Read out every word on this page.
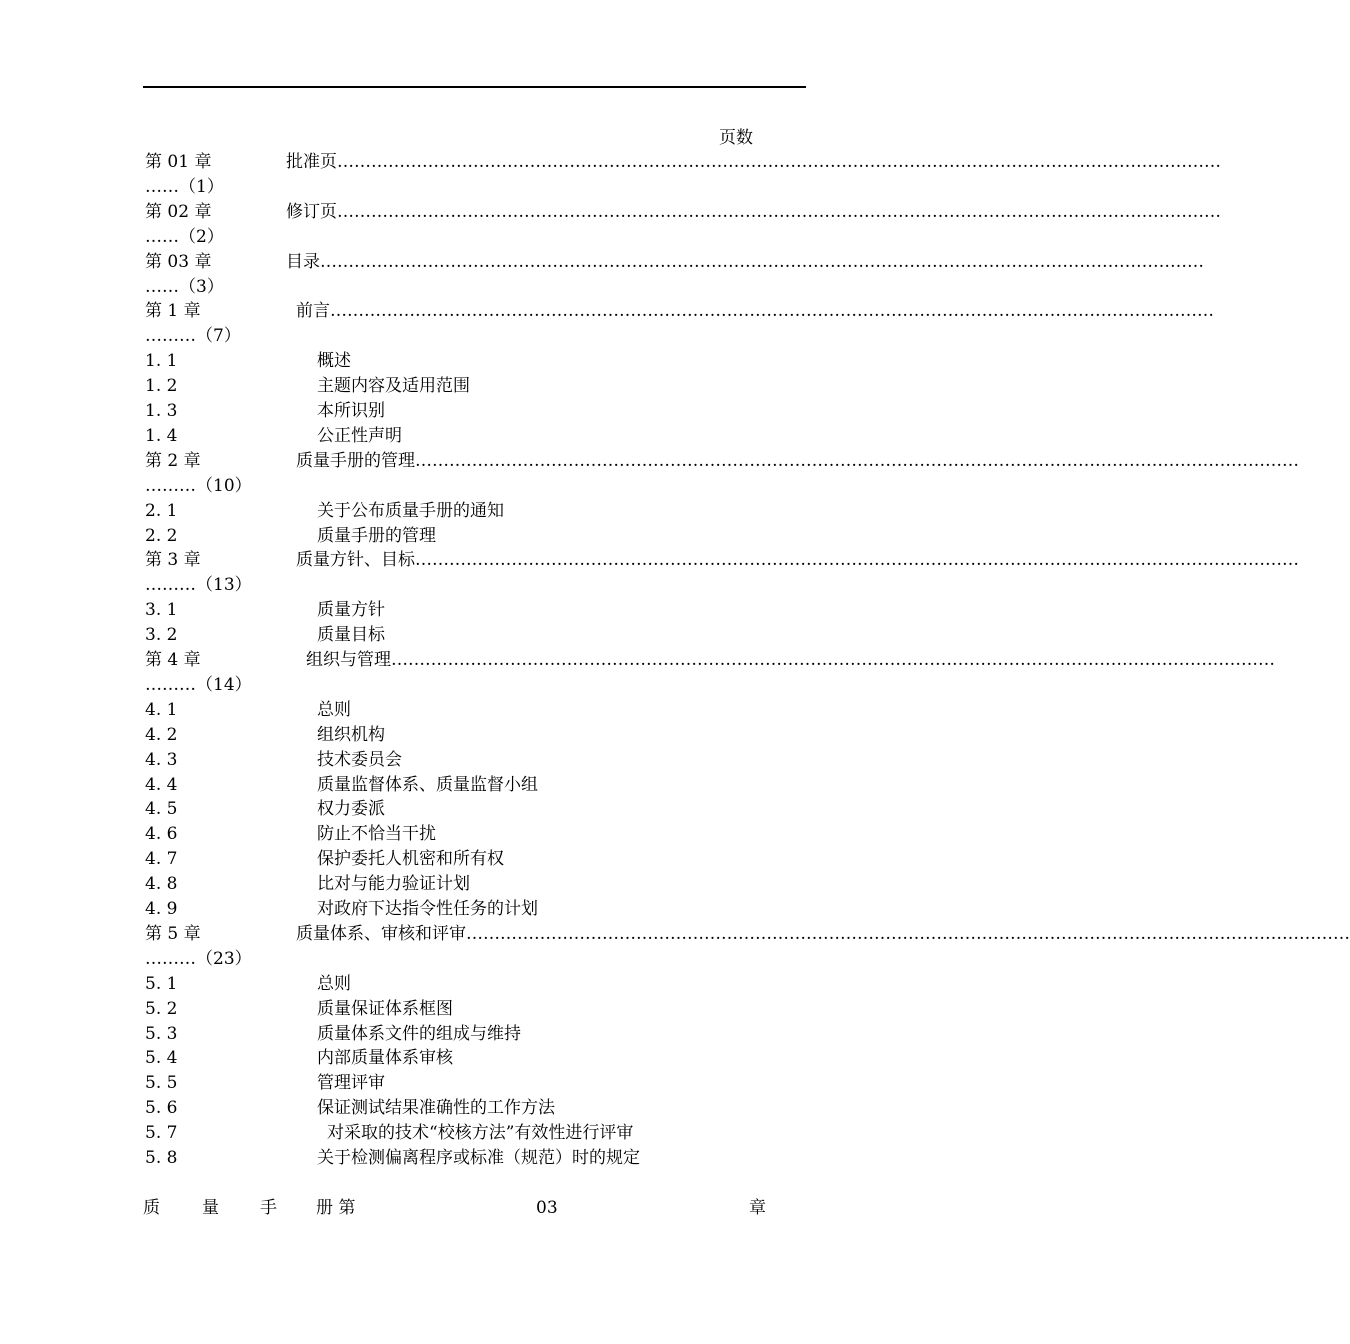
页数
第 01 章	批准页 …………………………………………………………………………………………………………………………………………
……（1）
第 02 章	修订页 …………………………………………………………………………………………………………………………………………
……（2）
第 03 章	目录 …………………………………………………………………………………………………………………………………………
……（3）
第 1 章	前言 …………………………………………………………………………………………………………………………………………
………（7）
1. 1	概述
1. 2	主题内容及适用范围
1. 3	本所识别
1. 4	公正性声明
第 2 章	质量手册的管理 …………………………………………………………………………………………………………………………………………
………（10）
2. 1	关于公布质量手册的通知
2. 2	质量手册的管理
第 3 章	质量方针、目标 …………………………………………………………………………………………………………………………………………
………（13）
3. 1	质量方针
3. 2	质量目标
第 4 章	组织与管理 …………………………………………………………………………………………………………………………………………
………（14）
4. 1	总则
4. 2	组织机构
4. 3	技术委员会
4. 4	质量监督体系、质量监督小组
4. 5	权力委派
4. 6	防止不恰当干扰
4. 7	保护委托人机密和所有权
4. 8	比对与能力验证计划
4. 9	对政府下达指令性任务的计划
第 5 章	质量体系、审核和评审 …………………………………………………………………………………………………………………………………………
………（23）
5. 1	总则
5. 2	质量保证体系框图
5. 3	质量体系文件的组成与维持
5. 4	内部质量体系审核
5. 5	管理评审
5. 6	保证测试结果准确性的工作方法
5. 7	对采取的技术“校核方法”有效性进行评审
5. 8	关于检测偏离程序或标准（规范）时的规定
质 量 手 册 第	03	章
